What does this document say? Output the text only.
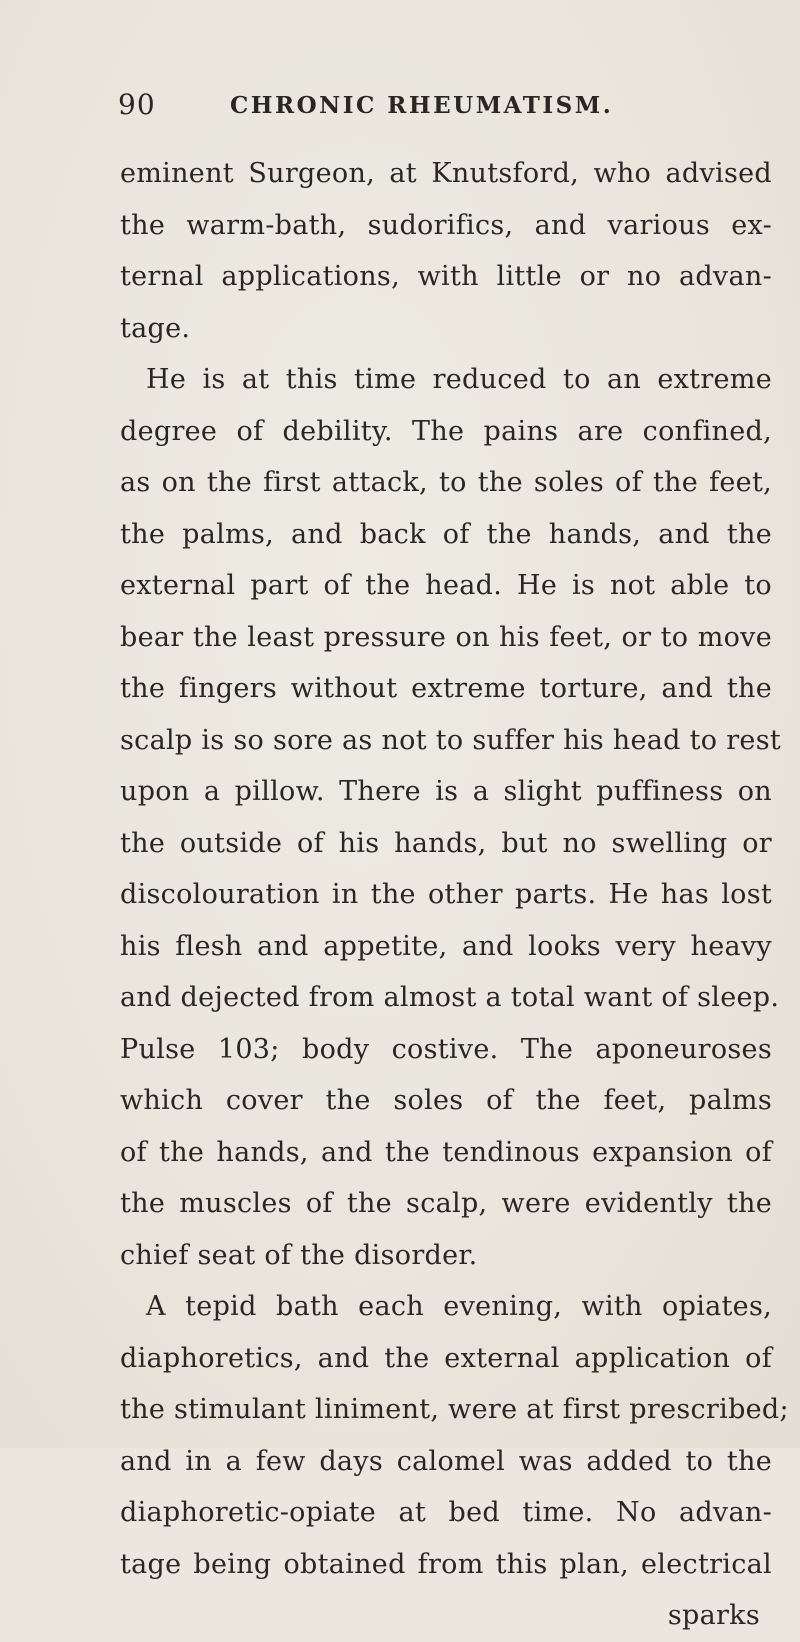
90	CHRONIC RHEUMATISM.
eminent Surgeon, at Knutsford, who advised
the warm-bath, sudorifics, and various ex-
ternal applications, with little or no advan-
tage.
He is at this time reduced to an extreme
degree of debility. The pains are confined,
as on the first attack, to the soles of the feet,
the palms, and back of the hands, and the
external part of the head. He is not able to
bear the least pressure on his feet, or to move
the fingers without extreme torture, and the
scalp is so sore as not to suffer his head to rest
upon a pillow. There is a slight puffiness on
the outside of his hands, but no swelling or
discolouration in the other parts. He has lost
his flesh and appetite, and looks very heavy
and dejected from almost a total want of sleep.
Pulse 103; body costive. The aponeuroses
which cover the soles of the feet, palms
of the hands, and the tendinous expansion of
the muscles of the scalp, were evidently the
chief seat of the disorder.
A tepid bath each evening, with opiates,
diaphoretics, and the external application of
the stimulant liniment, were at first prescribed;
and in a few days calomel was added to the
diaphoretic-opiate at bed time. No advan-
tage being obtained from this plan, electrical
sparks
